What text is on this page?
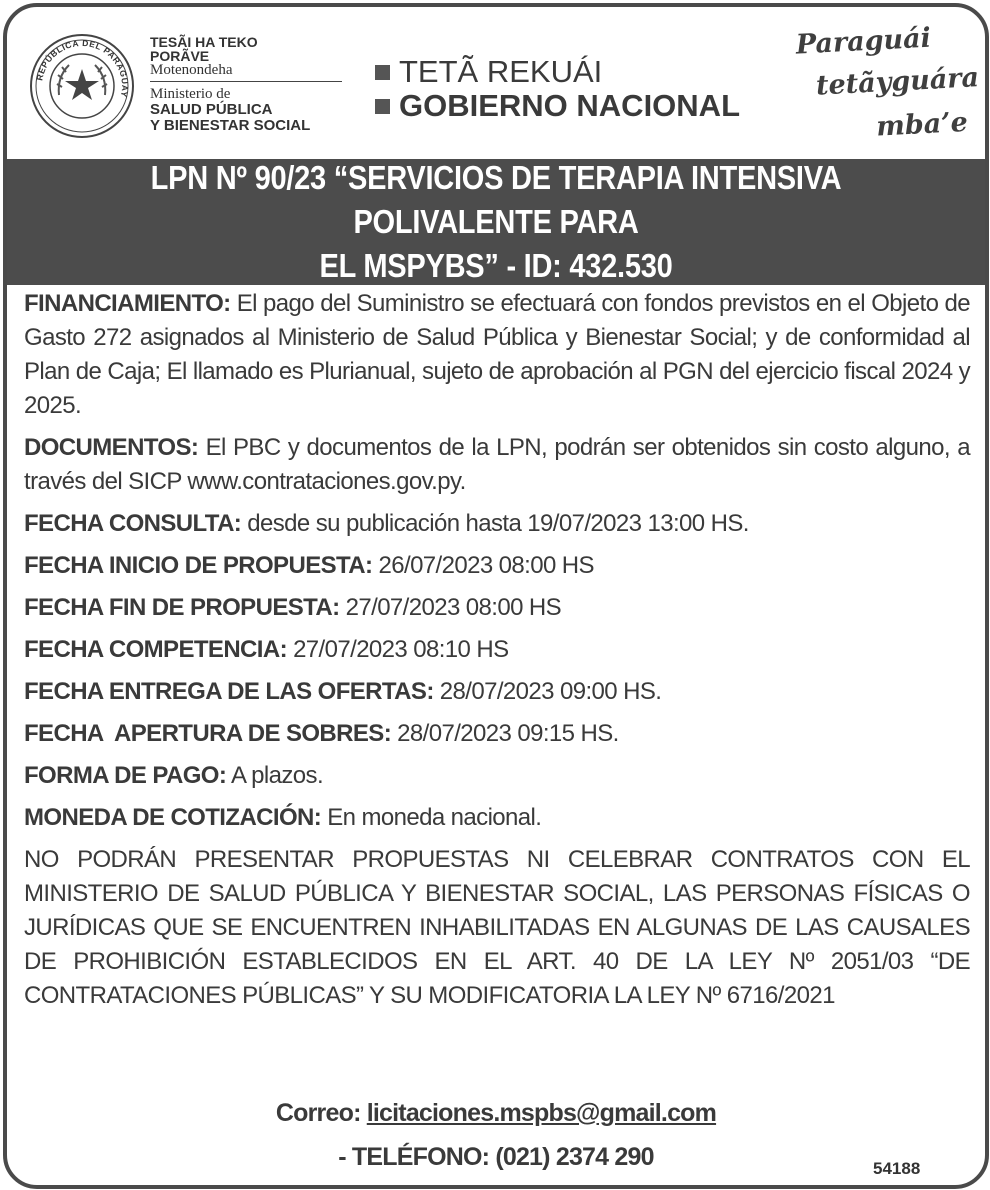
REPÚBLICA DEL PARAGUAY
TESÃI HA TEKO
PORÃVE
Motenondeha
Ministerio de
SALUD PÚBLICA
Y BIENESTAR SOCIAL
TETÃ REKUÁI
GOBIERNO NACIONAL
Paraguái
tetãyguára
mba’e
LPN Nº 90/23 “SERVICIOS DE TERAPIA INTENSIVA POLIVALENTE PARA
EL MSPYBS” - ID: 432.530

FINANCIAMIENTO: El pago del Suministro se efectuará con fondos previstos en el Objeto de Gasto 272 asignados al Ministerio de Salud Pública y Bienestar Social; y de conformidad al Plan de Caja; El llamado es Plurianual, sujeto de aprobación al PGN del ejercicio fiscal 2024 y 2025.

DOCUMENTOS: El PBC y documentos de la LPN, podrán ser obtenidos sin costo alguno, a través del SICP www.contrataciones.gov.py.

FECHA CONSULTA: desde su publicación hasta 19/07/2023 13:00 HS.

FECHA INICIO DE PROPUESTA: 26/07/2023 08:00 HS

FECHA FIN DE PROPUESTA: 27/07/2023 08:00 HS

FECHA COMPETENCIA: 27/07/2023 08:10 HS

FECHA ENTREGA DE LAS OFERTAS: 28/07/2023 09:00 HS.

FECHA  APERTURA DE SOBRES: 28/07/2023 09:15 HS.

FORMA DE PAGO: A plazos.

MONEDA DE COTIZACIÓN: En moneda nacional.

NO PODRÁN PRESENTAR PROPUESTAS NI CELEBRAR CONTRATOS CON EL MINISTERIO DE SALUD PÚBLICA Y BIENESTAR SOCIAL, LAS PERSONAS FÍSICAS O JURÍDICAS QUE SE ENCUENTREN INHABILITADAS EN ALGUNAS DE LAS CAUSALES DE PROHIBICIÓN ESTABLECIDOS EN EL ART. 40 DE LA LEY Nº 2051/03 “DE CONTRATACIONES PÚBLICAS” Y SU MODIFICATORIA LA LEY Nº 6716/2021

Correo: licitaciones.mspbs@gmail.com
- TELÉFONO: (021) 2374 290	54188
